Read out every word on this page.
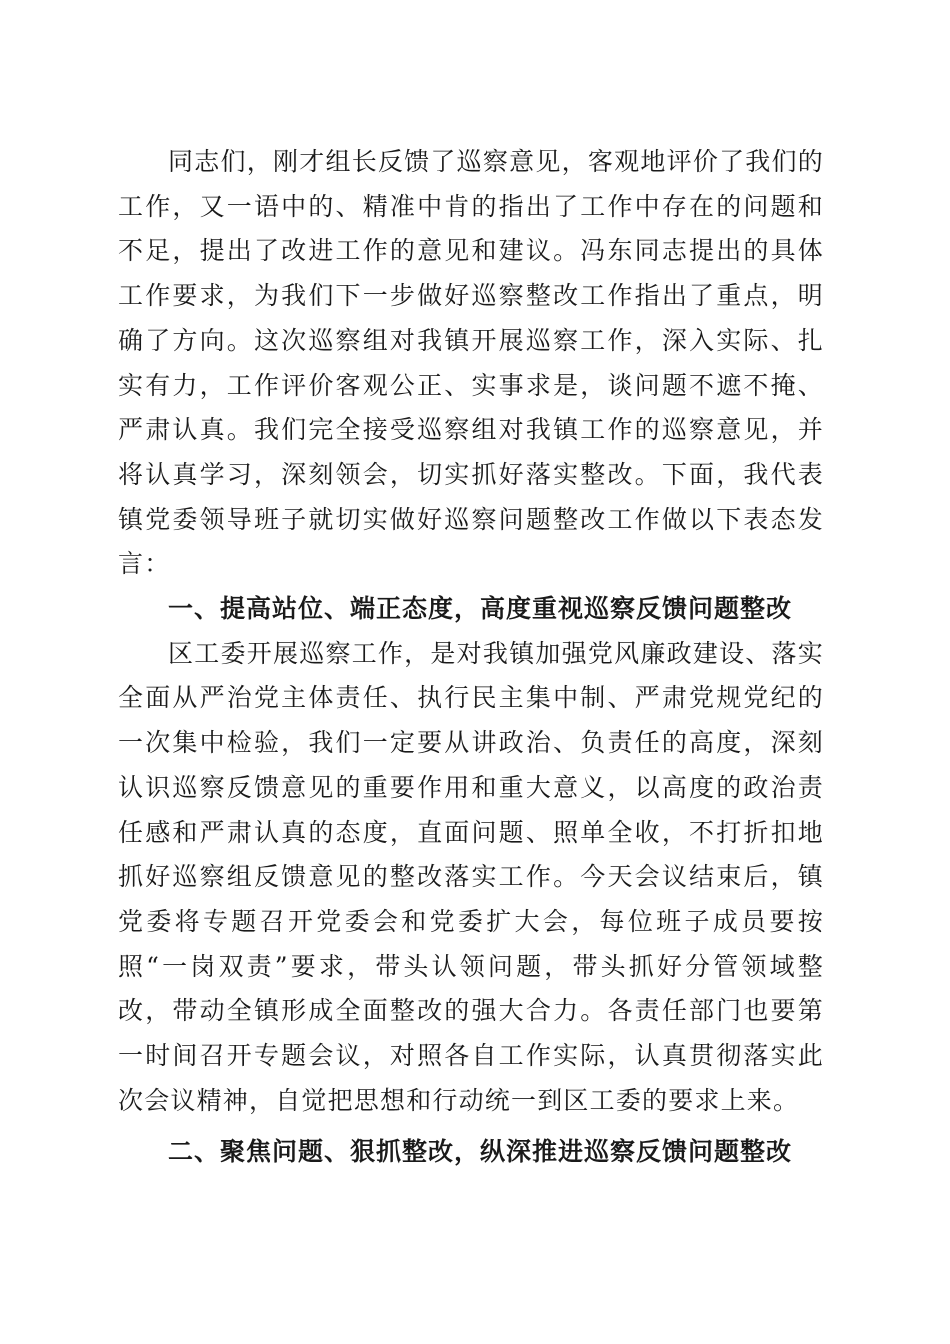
同志们，刚才组长反馈了巡察意见，客观地评价了我们的工作，又一语中的、精准中肯的指出了工作中存在的问题和不足，提出了改进工作的意见和建议。冯东同志提出的具体工作要求，为我们下一步做好巡察整改工作指出了重点，明确了方向。这次巡察组对我镇开展巡察工作，深入实际、扎实有力，工作评价客观公正、实事求是，谈问题不遮不掩、严肃认真。我们完全接受巡察组对我镇工作的巡察意见，并将认真学习，深刻领会，切实抓好落实整改。下面，我代表镇党委领导班子就切实做好巡察问题整改工作做以下表态发言：

一、提高站位、端正态度，高度重视巡察反馈问题整改

区工委开展巡察工作，是对我镇加强党风廉政建设、落实全面从严治党主体责任、执行民主集中制、严肃党规党纪的一次集中检验，我们一定要从讲政治、负责任的高度，深刻认识巡察反馈意见的重要作用和重大意义，以高度的政治责任感和严肃认真的态度，直面问题、照单全收，不打折扣地抓好巡察组反馈意见的整改落实工作。今天会议结束后，镇党委将专题召开党委会和党委扩大会，每位班子成员要按照“一岗双责”要求，带头认领问题，带头抓好分管领域整改，带动全镇形成全面整改的强大合力。各责任部门也要第一时间召开专题会议，对照各自工作实际，认真贯彻落实此次会议精神，自觉把思想和行动统一到区工委的要求上来。

二、聚焦问题、狠抓整改，纵深推进巡察反馈问题整改
